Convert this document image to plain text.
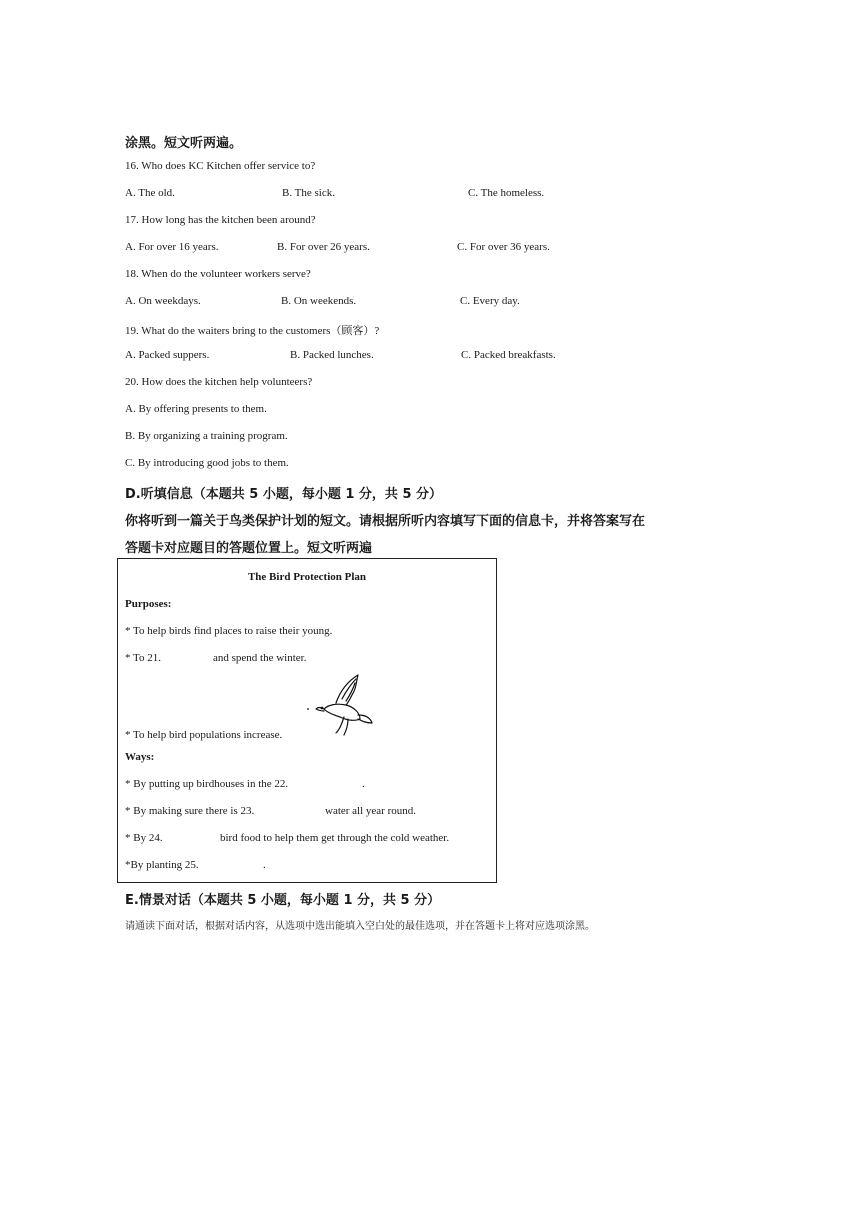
涂黑。短文听两遍。
16. Who does KC Kitchen offer service to?
A. The old.	B. The sick.	C. The homeless.
17. How long has the kitchen been around?
A. For over 16 years.	B. For over 26 years.	C. For over 36 years.
18. When do the volunteer workers serve?
A. On weekdays.	B. On weekends.	C. Every day.
19. What do the waiters bring to the customers（顾客）?
A. Packed suppers.	B. Packed lunches.	C. Packed breakfasts.
20. How does the kitchen help volunteers?
A. By offering presents to them.
B. By organizing a training program.
C. By introducing good jobs to them.
D.听填信息（本题共 5 小题，每小题 1 分，共 5 分）
你将听到一篇关于鸟类保护计划的短文。请根据所听内容填写下面的信息卡，并将答案写在
答题卡对应题目的答题位置上。短文听两遍
The Bird Protection Plan
Purposes:
* To help birds find places to raise their young.
* To 21.	and spend the winter.
* To help bird populations increase.
Ways:
* By putting up birdhouses in the 22.	.
* By making sure there is 23.	water all year round.
* By 24.	bird food to help them get through the cold weather.
*By planting 25.	.
E.情景对话（本题共 5 小题，每小题 1 分，共 5 分）
请通读下面对话，根据对话内容，从选项中选出能填入空白处的最佳选项，并在答题卡上将对应选项涂黑。
